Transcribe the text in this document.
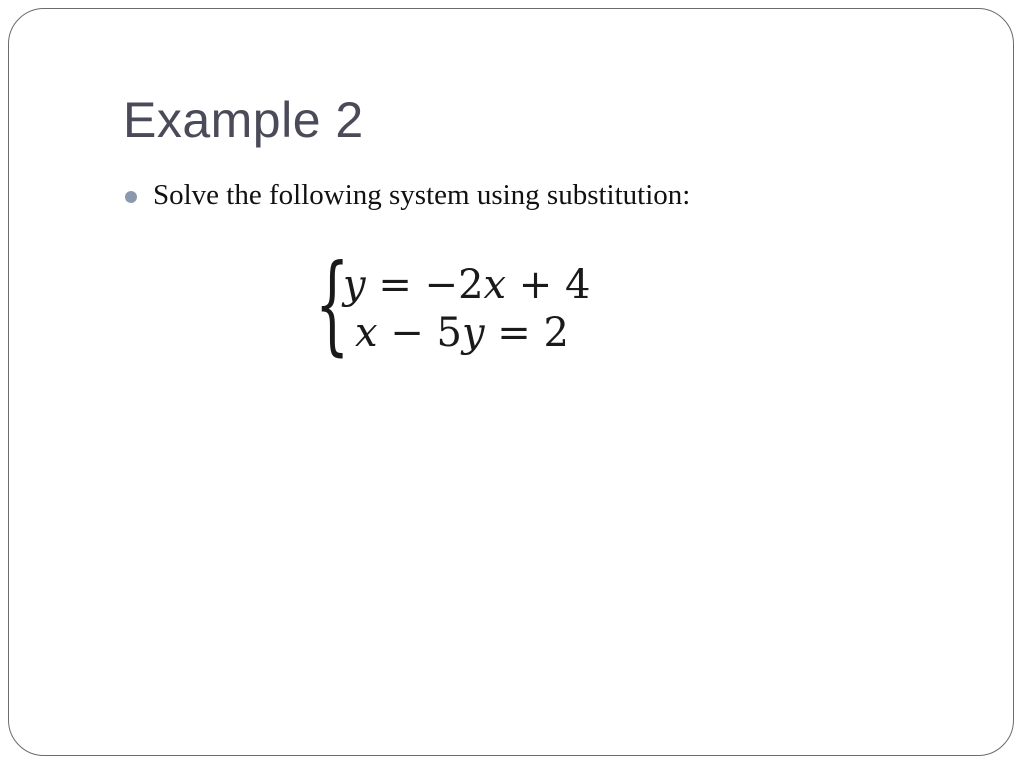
Example 2
Solve the following system using substitution:
{
y = −2x + 4
x − 5y = 2
